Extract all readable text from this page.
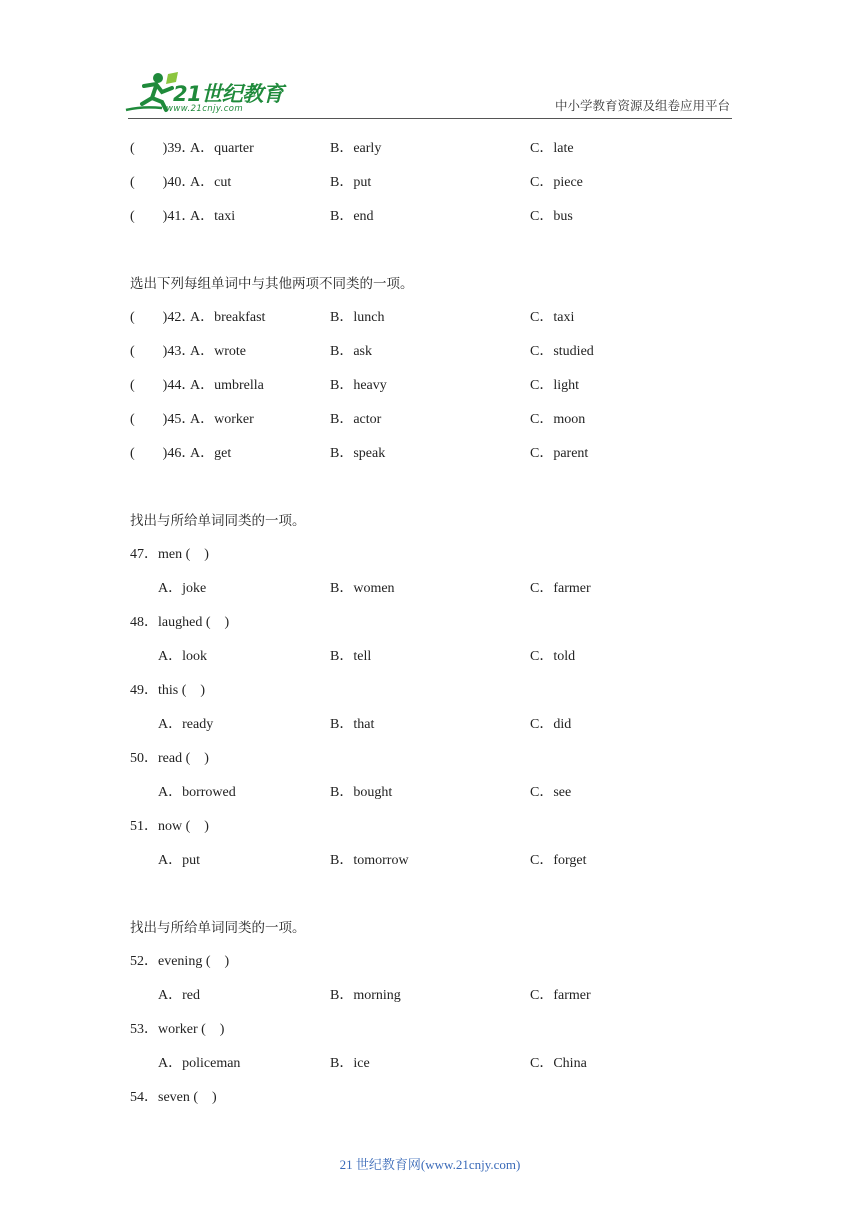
21世纪教育
www.21cnjy.com	中小学教育资源及组卷应用平台
(　　)39．
A．quarter	B．early	C．late
(　　)40．
A．cut	B．put	C．piece
(　　)41．
A．taxi	B．end	C．bus
选出下列每组单词中与其他两项不同类的一项。
(　　)42．
A．breakfast	B．lunch	C．taxi
(　　)43．
A．wrote	B．ask	C．studied
(　　)44．
A．umbrella	B．heavy	C．light
(　　)45．
A．worker	B．actor	C．moon
(　　)46．
A．get	B．speak	C．parent
找出与所给单词同类的一项。
47．men (　)
A．joke	B．women	C．farmer
48．laughed (　)
A．look	B．tell	C．told
49．this (　)
A．ready	B．that	C．did
50．read (　)
A．borrowed	B．bought	C．see
51．now (　)
A．put	B．tomorrow	C．forget
找出与所给单词同类的一项。
52．evening (　)
A．red	B．morning	C．farmer
53．worker (　)
A．policeman	B．ice	C．China
54．seven (　)
21 世纪教育网(www.21cnjy.com)
